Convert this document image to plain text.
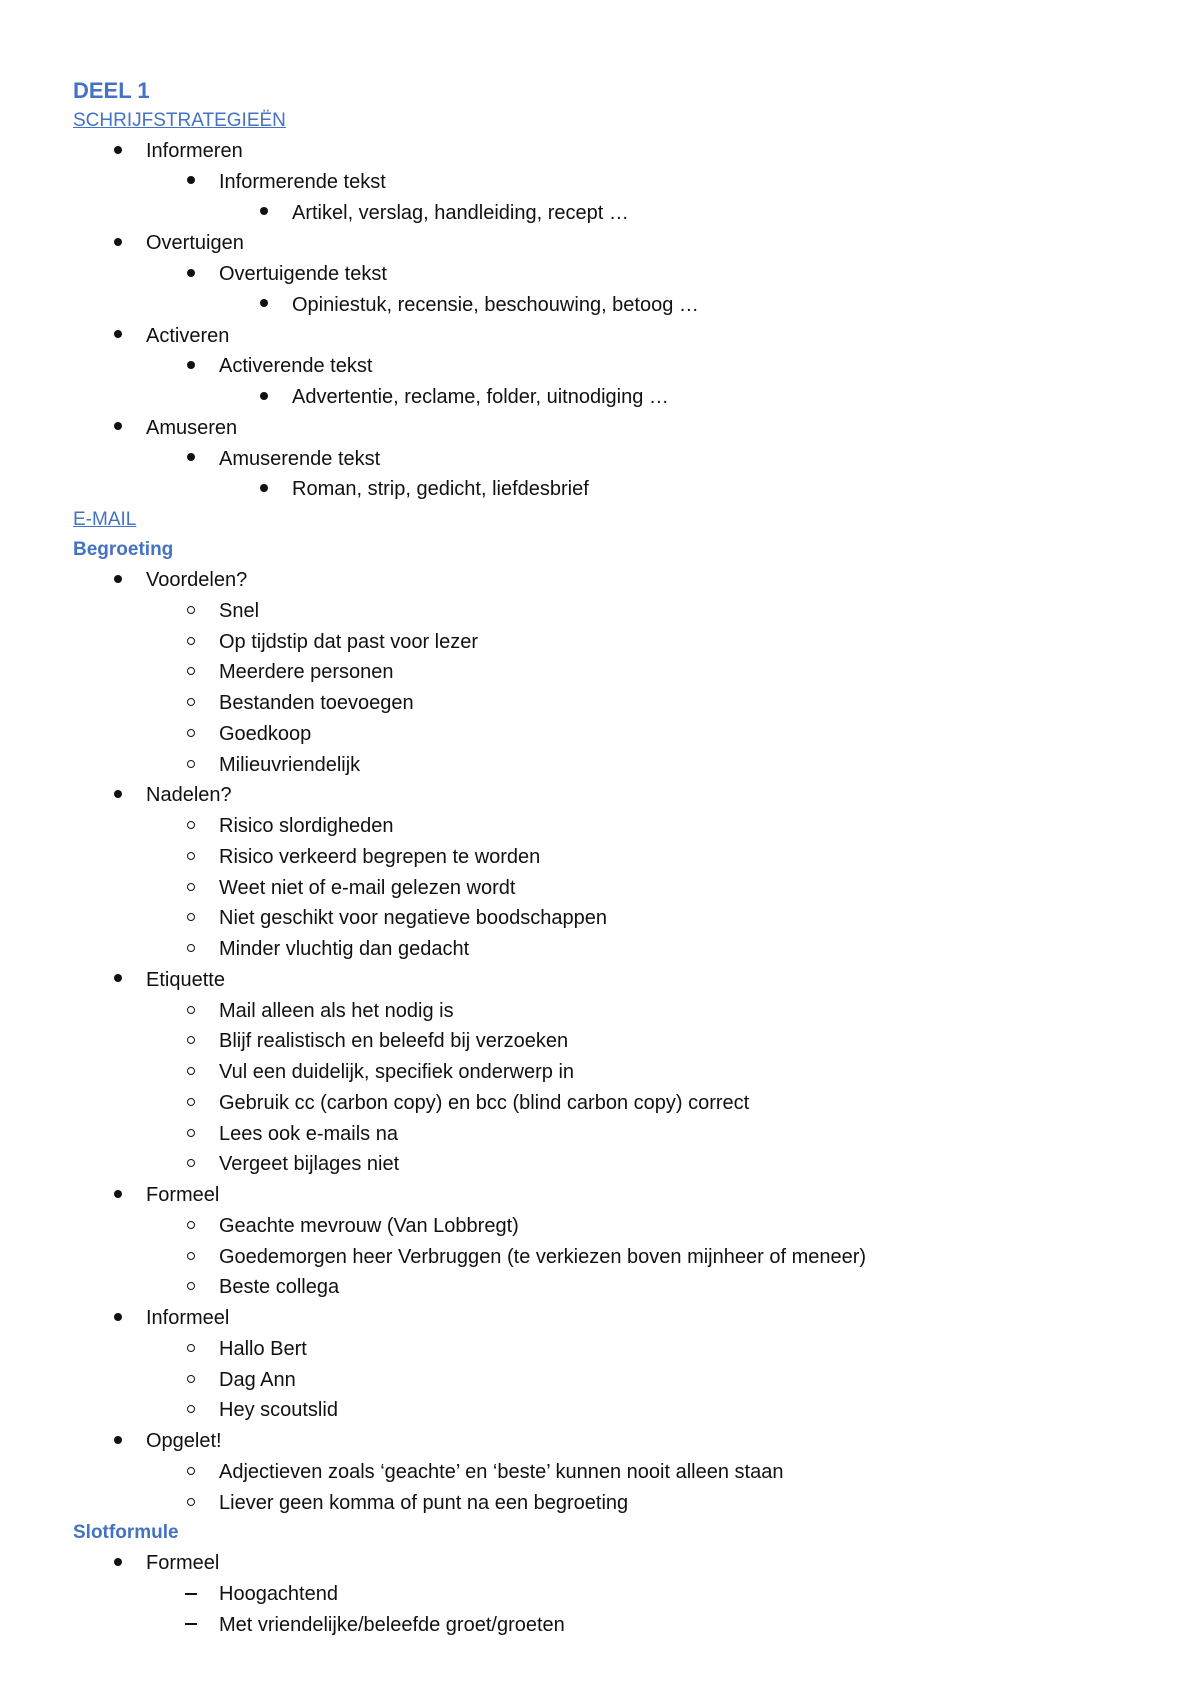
DEEL 1
SCHRIJFSTRATEGIEËN
Informeren
Informerende tekst
Artikel, verslag, handleiding, recept …
Overtuigen
Overtuigende tekst
Opiniestuk, recensie, beschouwing, betoog …
Activeren
Activerende tekst
Advertentie, reclame, folder, uitnodiging …
Amuseren
Amuserende tekst
Roman, strip, gedicht, liefdesbrief
E-MAIL
Begroeting
Voordelen?
Snel
Op tijdstip dat past voor lezer
Meerdere personen
Bestanden toevoegen
Goedkoop
Milieuvriendelijk
Nadelen?
Risico slordigheden
Risico verkeerd begrepen te worden
Weet niet of e-mail gelezen wordt
Niet geschikt voor negatieve boodschappen
Minder vluchtig dan gedacht
Etiquette
Mail alleen als het nodig is
Blijf realistisch en beleefd bij verzoeken
Vul een duidelijk, specifiek onderwerp in
Gebruik cc (carbon copy) en bcc (blind carbon copy) correct
Lees ook e-mails na
Vergeet bijlages niet
Formeel
Geachte mevrouw (Van Lobbregt)
Goedemorgen heer Verbruggen (te verkiezen boven mijnheer of meneer)
Beste collega
Informeel
Hallo Bert
Dag Ann
Hey scoutslid
Opgelet!
Adjectieven zoals ‘geachte’ en ‘beste’ kunnen nooit alleen staan
Liever geen komma of punt na een begroeting
Slotformule
Formeel
Hoogachtend
Met vriendelijke/beleefde groet/groeten
